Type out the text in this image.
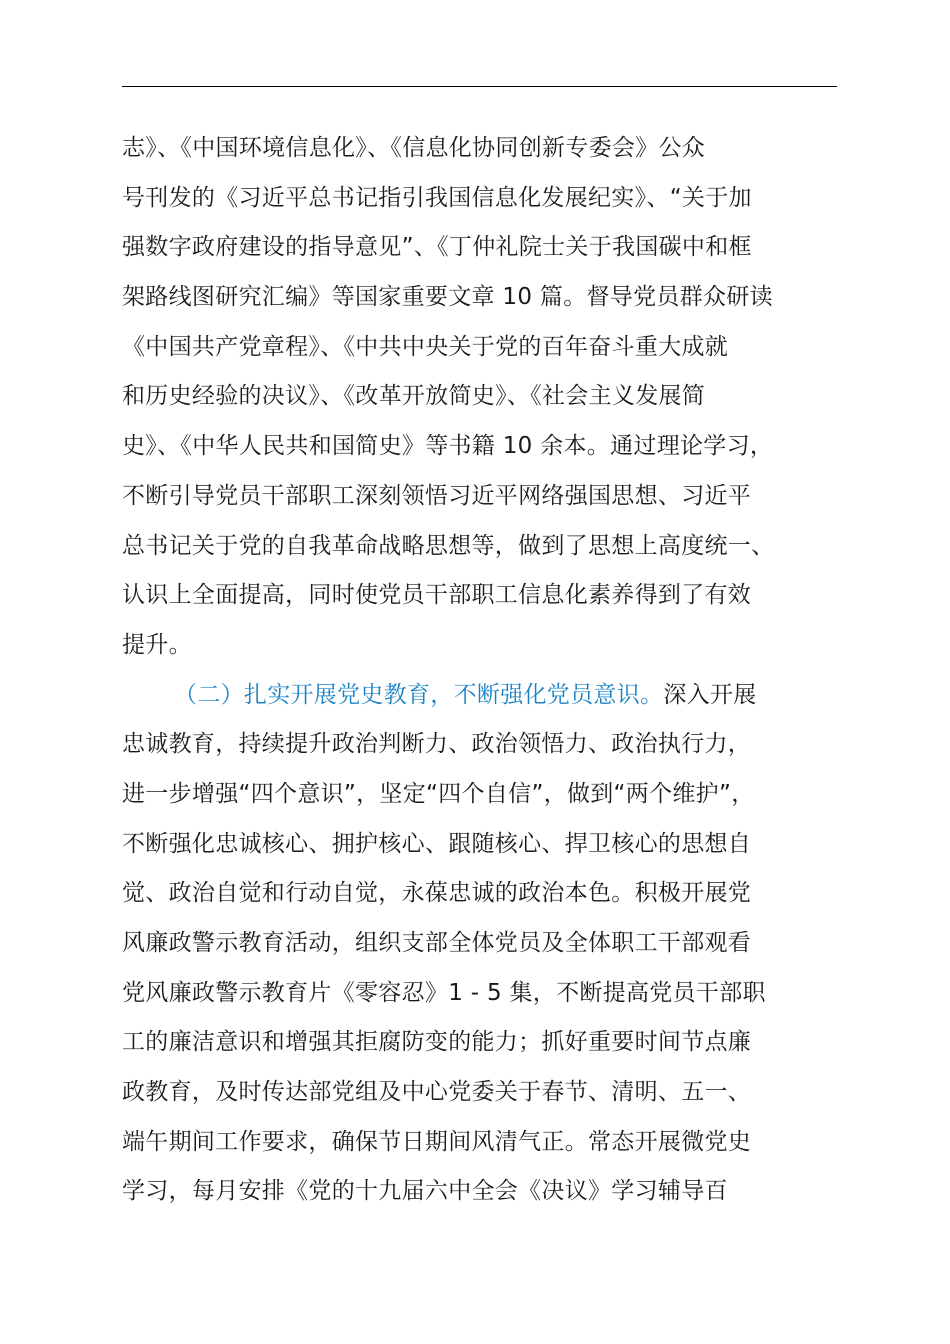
志》、《中国环境信息化》、《信息化协同创新专委会》公众
号刊发的《习近平总书记指引我国信息化发展纪实》、“关于加
强数字政府建设的指导意见”、《丁仲礼院士关于我国碳中和框
架路线图研究汇编》等国家重要文章 10 篇。督导党员群众研读
《中国共产党章程》、《中共中央关于党的百年奋斗重大成就
和历史经验的决议》、《改革开放简史》、《社会主义发展简
史》、《中华人民共和国简史》等书籍 10 余本。通过理论学习，
不断引导党员干部职工深刻领悟习近平网络强国思想、习近平
总书记关于党的自我革命战略思想等，做到了思想上高度统一、
认识上全面提高，同时使党员干部职工信息化素养得到了有效
提升。
（二）扎实开展党史教育，不断强化党员意识。深入开展
忠诚教育，持续提升政治判断力、政治领悟力、政治执行力，
进一步增强“四个意识”，坚定“四个自信”，做到“两个维护”，
不断强化忠诚核心、拥护核心、跟随核心、捍卫核心的思想自
觉、政治自觉和行动自觉，永葆忠诚的政治本色。积极开展党
风廉政警示教育活动，组织支部全体党员及全体职工干部观看
党风廉政警示教育片《零容忍》1 - 5 集，不断提高党员干部职
工的廉洁意识和增强其拒腐防变的能力；抓好重要时间节点廉
政教育，及时传达部党组及中心党委关于春节、清明、五一、
端午期间工作要求，确保节日期间风清气正。常态开展微党史
学习，每月安排《党的十九届六中全会《决议》学习辅导百
